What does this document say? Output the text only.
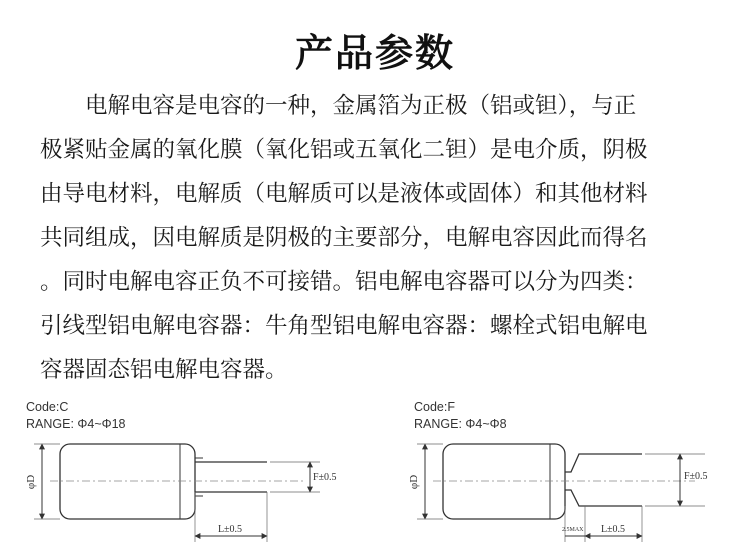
产品参数
　　电解电容是电容的一种，金属箔为正极（铝或钽），与正
极紧贴金属的氧化膜（氧化铝或五氧化二钽）是电介质，阴极
由导电材料，电解质（电解质可以是液体或固体）和其他材料
共同组成，因电解质是阴极的主要部分，电解电容因此而得名
。同时电解电容正负不可接错。铝电解电容器可以分为四类：
引线型铝电解电容器：牛角型铝电解电容器：螺栓式铝电解电
容器固态铝电解电容器。
Code:C
RANGE: Φ4~Φ18
φD	F±0.5
L±0.5
Code:F
RANGE: Φ4~Φ8
φD	F±0.5
2.5MAX L±0.5
